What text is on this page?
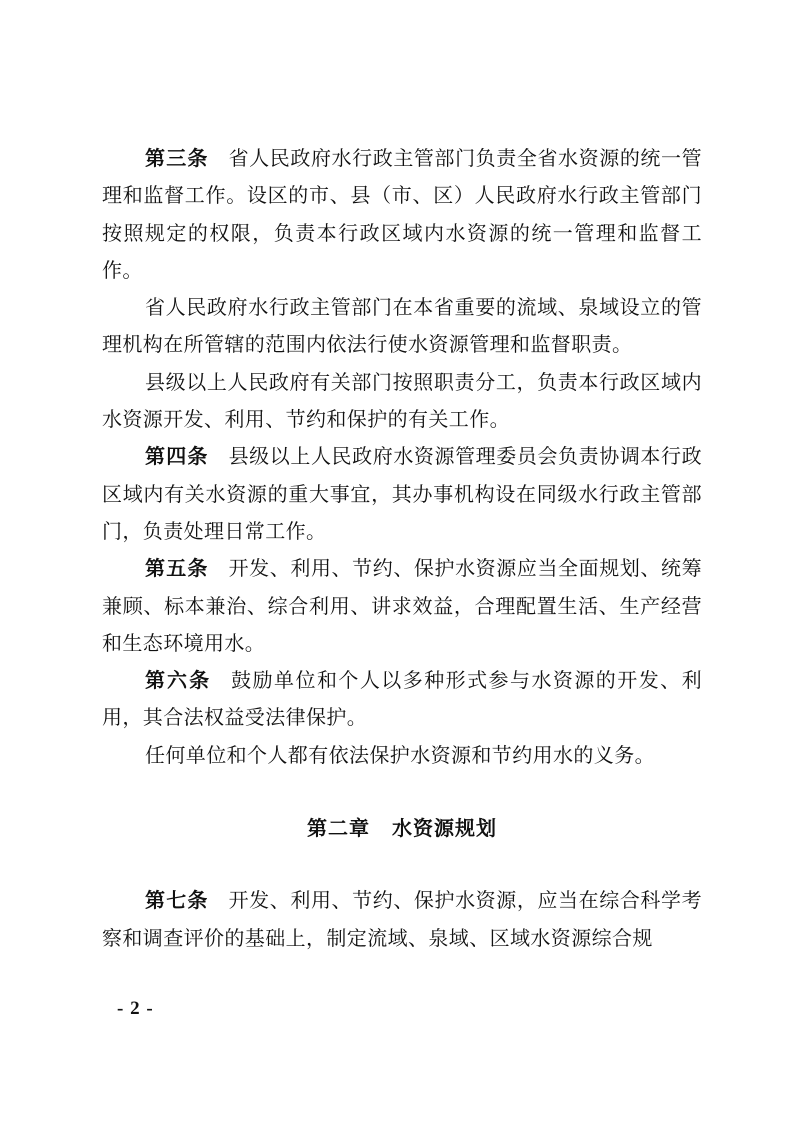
第三条 省人民政府水行政主管部门负责全省水资源的统一管理和监督工作。设区的市、县（市、区）人民政府水行政主管部门按照规定的权限，负责本行政区域内水资源的统一管理和监督工作。

省人民政府水行政主管部门在本省重要的流域、泉域设立的管理机构在所管辖的范围内依法行使水资源管理和监督职责。

县级以上人民政府有关部门按照职责分工，负责本行政区域内水资源开发、利用、节约和保护的有关工作。

第四条 县级以上人民政府水资源管理委员会负责协调本行政区域内有关水资源的重大事宜，其办事机构设在同级水行政主管部门，负责处理日常工作。

第五条 开发、利用、节约、保护水资源应当全面规划、统筹兼顾、标本兼治、综合利用、讲求效益，合理配置生活、生产经营和生态环境用水。

第六条 鼓励单位和个人以多种形式参与水资源的开发、利用，其合法权益受法律保护。

任何单位和个人都有依法保护水资源和节约用水的义务。

第二章 水资源规划

第七条 开发、利用、节约、保护水资源，应当在综合科学考察和调查评价的基础上，制定流域、泉域、区域水资源综合规

- 2 -
